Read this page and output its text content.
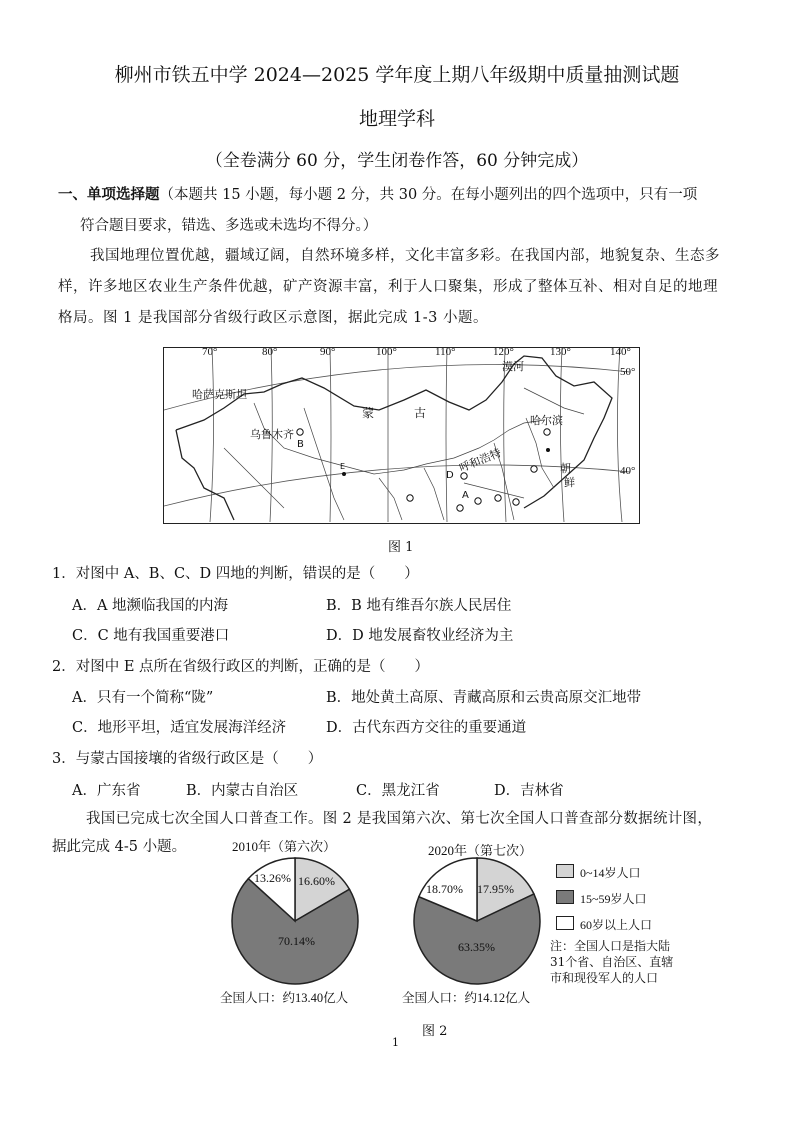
柳州市铁五中学 2024—2025 学年度上期八年级期中质量抽测试题
地理学科
（全卷满分 60 分，学生闭卷作答，60 分钟完成）
一、单项选择题（本题共 15 小题，每小题 2 分，共 30 分。在每小题列出的四个选项中，只有一项
符合题目要求，错选、多选或未选均不得分。）
我国地理位置优越，疆域辽阔，自然环境多样，文化丰富多彩。在我国内部，地貌复杂、生态多
样，许多地区农业生产条件优越，矿产资源丰富，利于人口聚集，形成了整体互补、相对自足的地理
格局。图 1 是我国部分省级行政区示意图，据此完成 1-3 小题。
70°	80°	90°	100°	110°	120°	130°	140°
50°
40°
哈萨克斯坦
蒙	古
乌鲁木齐
B
漠河
哈尔滨
呼和浩特
D
A
E	朝
鲜
图 1
1．对图中 A、B、C、D 四地的判断，错误的是（　　）
A．A 地濒临我国的内海	B．B 地有维吾尔族人民居住
C．C 地有我国重要港口	D．D 地发展畜牧业经济为主
2．对图中 E 点所在省级行政区的判断，正确的是（　　）
A．只有一个简称“陇”	B．地处黄土高原、青藏高原和云贵高原交汇地带
C．地形平坦，适宜发展海洋经济	D．古代东西方交往的重要通道
3．与蒙古国接壤的省级行政区是（　　）
A．广东省	B．内蒙古自治区	C．黑龙江省	D．吉林省
我国已完成七次全国人口普查工作。图 2 是我国第六次、第七次全国人口普查部分数据统计图，
据此完成 4-5 小题。	2010年（第六次）	2020年（第七次）
16.60%
70.14%
13.26%
17.95%
63.35%
18.70%
全国人口：约13.40亿人	全国人口：约14.12亿人
0~14岁人口
15~59岁人口
60岁以上人口
注：全国人口是指大陆
31个省、自治区、直辖
市和现役军人的人口
图 2
1
